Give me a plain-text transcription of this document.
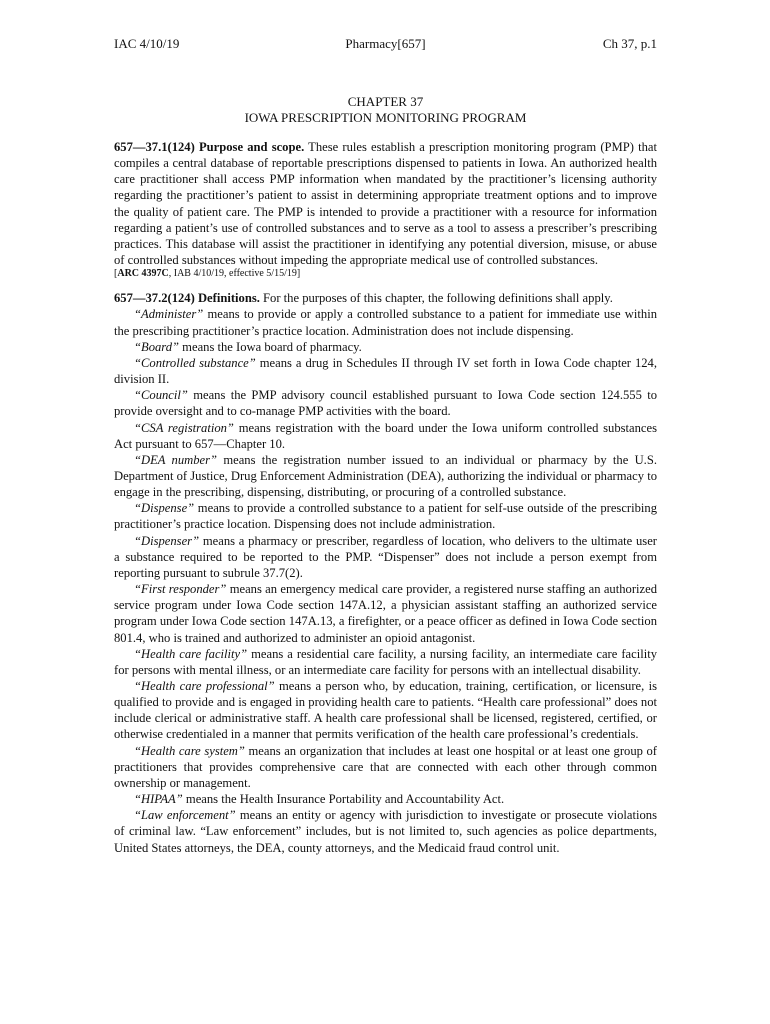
IAC 4/10/19	Pharmacy[657]	Ch 37, p.1
CHAPTER 37
IOWA PRESCRIPTION MONITORING PROGRAM

657—37.1(124) Purpose and scope. These rules establish a prescription monitoring program (PMP) that compiles a central database of reportable prescriptions dispensed to patients in Iowa. An authorized health care practitioner shall access PMP information when mandated by the practitioner’s licensing authority regarding the practitioner’s patient to assist in determining appropriate treatment options and to improve the quality of patient care. The PMP is intended to provide a practitioner with a resource for information regarding a patient’s use of controlled substances and to serve as a tool to assess a prescriber’s prescribing practices. This database will assist the practitioner in identifying any potential diversion, misuse, or abuse of controlled substances without impeding the appropriate medical use of controlled substances.

[ARC 4397C, IAB 4/10/19, effective 5/15/19]

657—37.2(124) Definitions. For the purposes of this chapter, the following definitions shall apply.

“Administer” means to provide or apply a controlled substance to a patient for immediate use within the prescribing practitioner’s practice location. Administration does not include dispensing.

“Board” means the Iowa board of pharmacy.

“Controlled substance” means a drug in Schedules II through IV set forth in Iowa Code chapter 124, division II.

“Council” means the PMP advisory council established pursuant to Iowa Code section 124.555 to provide oversight and to co-manage PMP activities with the board.

“CSA registration” means registration with the board under the Iowa uniform controlled substances Act pursuant to 657—Chapter 10.

“DEA number” means the registration number issued to an individual or pharmacy by the U.S. Department of Justice, Drug Enforcement Administration (DEA), authorizing the individual or pharmacy to engage in the prescribing, dispensing, distributing, or procuring of a controlled substance.

“Dispense” means to provide a controlled substance to a patient for self-use outside of the prescribing practitioner’s practice location. Dispensing does not include administration.

“Dispenser” means a pharmacy or prescriber, regardless of location, who delivers to the ultimate user a substance required to be reported to the PMP. “Dispenser” does not include a person exempt from reporting pursuant to subrule 37.7(2).

“First responder” means an emergency medical care provider, a registered nurse staffing an authorized service program under Iowa Code section 147A.12, a physician assistant staffing an authorized service program under Iowa Code section 147A.13, a firefighter, or a peace officer as defined in Iowa Code section 801.4, who is trained and authorized to administer an opioid antagonist.

“Health care facility” means a residential care facility, a nursing facility, an intermediate care facility for persons with mental illness, or an intermediate care facility for persons with an intellectual disability.

“Health care professional” means a person who, by education, training, certification, or licensure, is qualified to provide and is engaged in providing health care to patients. “Health care professional” does not include clerical or administrative staff. A health care professional shall be licensed, registered, certified, or otherwise credentialed in a manner that permits verification of the health care professional’s credentials.

“Health care system” means an organization that includes at least one hospital or at least one group of practitioners that provides comprehensive care that are connected with each other through common ownership or management.

“HIPAA” means the Health Insurance Portability and Accountability Act.

“Law enforcement” means an entity or agency with jurisdiction to investigate or prosecute violations of criminal law. “Law enforcement” includes, but is not limited to, such agencies as police departments, United States attorneys, the DEA, county attorneys, and the Medicaid fraud control unit.
